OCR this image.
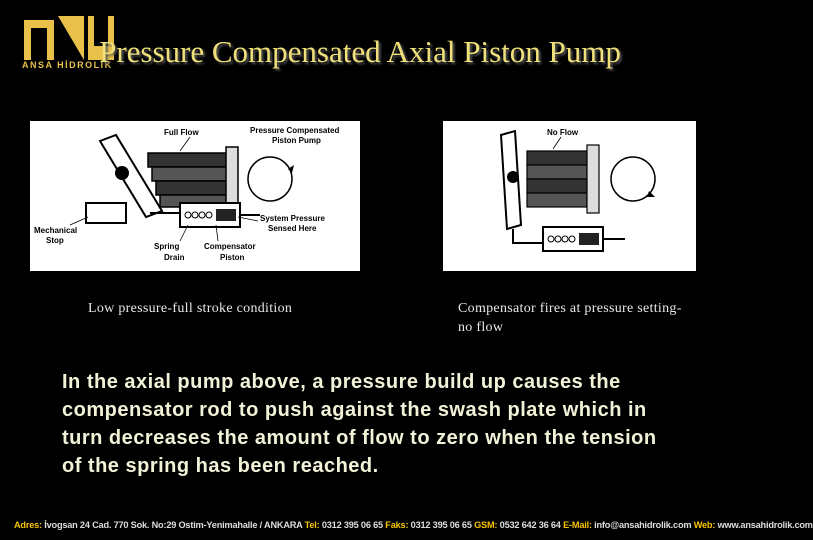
ANSA HİDROLİK
Pressure Compensated Axial Piston Pump
Full Flow	Pressure Compensated
Piston Pump
System Pressure
Sensed Here
Mechanical
Stop
Spring
Drain
Compensator
Piston
No Flow
Low pressure-full stroke condition	Compensator fires at pressure setting- no flow
In the axial pump above, a pressure build up causes the compensator rod to push against the swash plate which in turn decreases the amount of flow to zero when the tension of the spring has been reached.
Adres: İvogsan 24 Cad. 770 Sok. No:29 Ostim-Yenimahalle / ANKARA Tel: 0312 395 06 65 Faks: 0312 395 06 65 GSM: 0532 642 36 64 E-Mail: info@ansahidrolik.com Web: www.ansahidrolik.com
